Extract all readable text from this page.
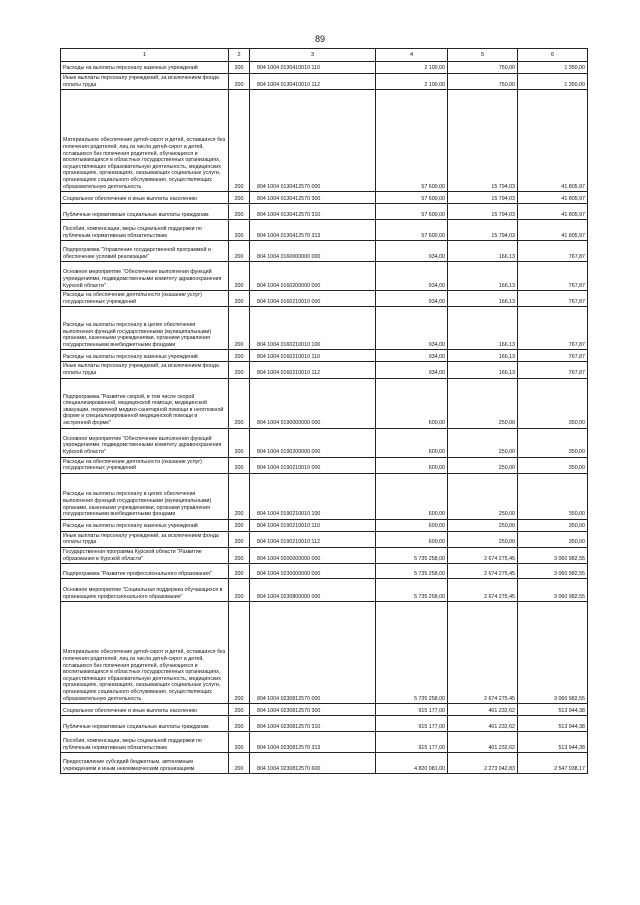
89
1	2	3	4	5	6
Расходы на выплаты персоналу казенных учреждений	200	804 1004 0130410010 110	2 100,00	750,00	1 350,00
Иные выплаты персоналу учреждений, за исключением фонда оплаты труда	200	804 1004 0130410010 112	2 100,00	750,00	1 350,00
Материальное обеспечение детей-сирот и детей, оставшихся без попечения родителей, лиц из числа детей-сирот и детей, оставшихся без попечения родителей, обучающихся и воспитывающихся в областных государственных организациях, осуществляющих образовательную деятельность, медицинских организациях, организациях, оказывающих социальные услуги, организациях социального обслуживания, осуществляющих образовательную деятельность	200	804 1004 0130412570 000	57 600,00	15 794,03	41 805,97
Социальное обеспечение и иные выплаты населению	200	804 1004 0130412570 300	57 600,00	15 794,03	41 805,97
Публичные нормативные социальные выплаты гражданам	200	804 1004 0130412570 310	57 600,00	15 794,03	41 805,97
Пособия, компенсации, меры социальной поддержки по публичным нормативным обязательствам	200	804 1004 0130412570 313	57 600,00	15 794,03	41 805,97
Подпрограмма "Управление государственной программой и обеспечение условий реализации"	200	804 1004 0160000000 000	934,00	166,13	767,87
Основное мероприятие "Обеспечение выполнения функций учреждениями, подведомственными комитету здравоохранения Курской области"	200	804 1004 0160200000 000	934,00	166,13	767,87
Расходы на обеспечение деятельности (оказание услуг) государственных учреждений	200	804 1004 0160210010 000	934,00	166,13	767,87
Расходы на выплаты персоналу в целях обеспечения выполнения функций государственными (муниципальными) органами, казенными учреждениями, органами управления государственными внебюджетными фондами	200	804 1004 0160210010 100	934,00	166,13	767,87
Расходы на выплаты персоналу казенных учреждений	200	804 1004 0160210010 110	934,00	166,13	767,87
Иные выплаты персоналу учреждений, за исключением фонда оплаты труда	200	804 1004 0160210010 112	934,00	166,13	767,87
Подпрограмма "Развитие скорой, в том числе скорой специализированной, медицинской помощи, медицинской эвакуации, первичной медико-санитарной помощи в неотложной форме и специализированной медицинской помощи в экстренной форме"	200	804 1004 0190000000 000	600,00	250,00	350,00
Основное мероприятие "Обеспечение выполнения функций учреждениями, подведомственными комитету здравоохранения Курской области"	200	804 1004 0190200000 000	600,00	250,00	350,00
Расходы на обеспечение деятельности (оказание услуг) государственных учреждений	200	804 1004 0190210010 000	600,00	250,00	350,00
Расходы на выплаты персоналу в целях обеспечения выполнения функций государственными (муниципальными) органами, казенными учреждениями, органами управления государственными внебюджетными фондами	200	804 1004 0190210010 100	600,00	250,00	350,00
Расходы на выплаты персоналу казенных учреждений	200	804 1004 0190210010 110	600,00	250,00	350,00
Иные выплаты персоналу учреждений, за исключением фонда оплаты труда	200	804 1004 0190210010 112	600,00	250,00	350,00
Государственная программа Курской области "Развитие образования в Курской области"	200	804 1004 0200000000 000	5 735 258,00	2 674 275,45	3 060 982,55
Подпрограмма "Развитие профессионального образования"	200	804 1004 0230000000 000	5 735 258,00	2 674 275,45	3 060 982,55
Основное мероприятие "Социальная поддержка обучающихся в организациях профессионального образования"	200	804 1004 0230800000 000	5 735 258,00	2 674 275,45	3 060 982,55
Материальное обеспечение детей-сирот и детей, оставшихся без попечения родителей, лиц из числа детей-сирот и детей, оставшихся без попечения родителей, обучающихся и воспитывающихся в областных государственных организациях, осуществляющих образовательную деятельность, медицинских организациях, организациях, оказывающих социальные услуги, организациях социального обслуживания, осуществляющих образовательную деятельность	200	804 1004 0230812570 000	5 735 258,00	2 674 275,45	3 060 982,55
Социальное обеспечение и иные выплаты населению	200	804 1004 0230812570 300	915 177,00	401 232,62	513 944,38
Публичные нормативные социальные выплаты гражданам	200	804 1004 0230812570 310	915 177,00	401 232,62	513 944,38
Пособия, компенсации, меры социальной поддержки по публичным нормативным обязательствам	200	804 1004 0230812570 313	915 177,00	401 232,62	513 944,38
Предоставление субсидий бюджетным, автономным учреждениям и иным некоммерческим организациям	200	804 1004 0230812570 600	4 820 081,00	2 273 042,83	2 547 038,17
